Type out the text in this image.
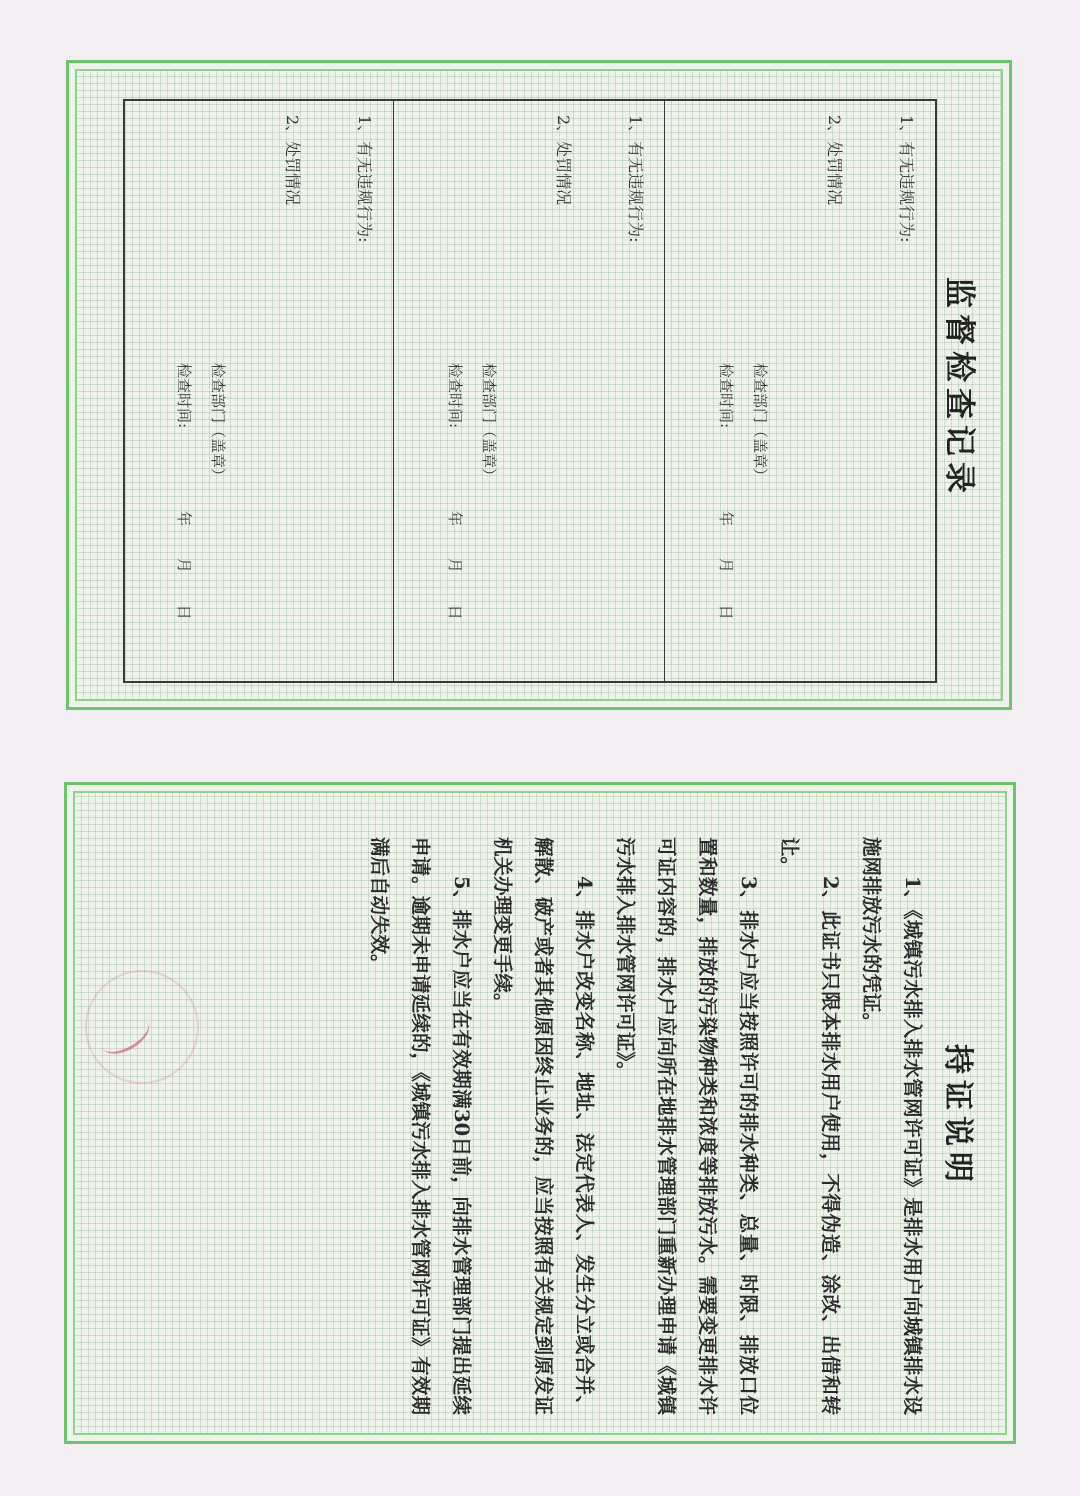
监督检查记录
1、有无违规行为:
2、处罚情况
检查部门（盖章）
检查时间:
年 月 日
1、有无违规行为:
2、处罚情况
检查部门（盖章）
检查时间:
年 月 日
1、有无违规行为:
2、处罚情况
检查部门（盖章）
检查时间:
年 月 日
持证说明

1、《城镇污水排入排水管网许可证》是排水用户向城镇排水设施网排放污水的凭证。

2、此证书只限本排水用户使用，不得伪造、涂改、出借和转让。

3、排水户应当按照许可的排水种类、总量、时限、排放口位置和数量，排放的污染物种类和浓度等排放污水。需要变更排水许可证内容的，排水户应向所在地排水管理部门重新办理申请《城镇污水排入排水管网许可证》。

4、排水户改变名称、地址、法定代表人、发生分立或合并、解散、破产或者其他原因终止业务的，应当按照有关规定到原发证机关办理变更手续。

5、排水户应当在有效期满30日前，向排水管理部门提出延续申请。逾期未申请延续的，《城镇污水排入排水管网许可证》有效期满后自动失效。
